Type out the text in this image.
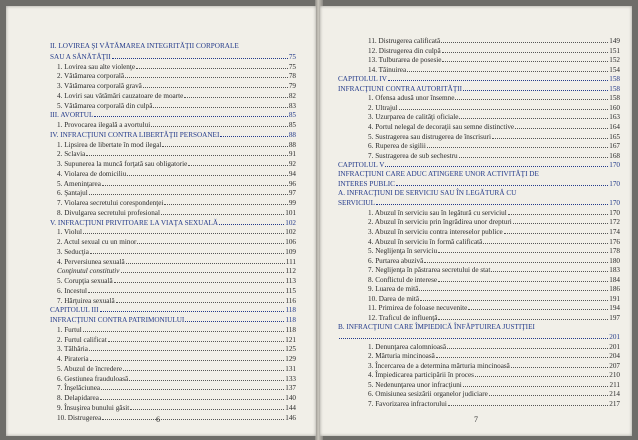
II. LOVIREA ŞI VĂTĂMAREA INTEGRITĂŢII CORPORALE
SAU A SĂNĂTĂŢII	75
1. Lovirea sau alte violenţe	75
2. Vătămarea corporală	78
3. Vătămarea corporală gravă	79
4. Loviri sau vătămări cauzatoare de moarte	82
5. Vătămarea corporală din culpă	83
III. AVORTUL	85
1. Provocarea ilegală a avortului	85
IV. INFRACŢIUNI CONTRA LIBERTĂŢII PERSOANEI	88
1. Lipsirea de libertate în mod ilegal	88
2. Sclavia	91
3. Supunerea la muncă forţată sau obligatorie	92
4. Violarea de domiciliu	94
5. Ameninţarea	96
6. Şantajul	97
7. Violarea secretului corespondenţei	99
8. Divulgarea secretului profesional	101
V. INFRACŢIUNI PRIVITOARE LA VIAŢA SEXUALĂ	102
1. Violul	102
2. Actul sexual cu un minor	106
3. Seducţia	109
4. Perversiunea sexuală	111
Conţinutul constitutiv	112
5. Corupţia sexuală	113
6. Incestul	115
7. Hărţuirea sexuală	116
CAPITOLUL III	118
INFRACŢIUNI CONTRA PATRIMONIULUI	118
1. Furtul	118
2. Furtul calificat	121
3. Tâlhăria	125
4. Pirateria	129
5. Abuzul de încredere	131
6. Gestiunea frauduloasă	133
7. Înşelăciunea	137
8. Delapidarea	140
9. Însuşirea bunului găsit	144
10. Distrugerea	146
6
11. Distrugerea calificată	149
12. Distrugerea din culpă	151
13. Tulburarea de posesie	152
14. Tăinuirea	154
CAPITOLUL IV	158
INFRACŢIUNI CONTRA AUTORITĂŢII	158
1. Ofensa adusă unor însemne	158
2. Ultrajul	160
3. Uzurparea de calităţi oficiale	163
4. Portul nelegal de decoraţii sau semne distinctive	164
5. Sustragerea sau distrugerea de înscrisuri	165
6. Ruperea de sigilii	167
7. Sustragerea de sub sechestru	168
CAPITOLUL V	170
INFRACŢIUNI CARE ADUC ATINGERE UNOR ACTIVITĂŢI DE
INTERES PUBLIC	170
A. INFRACŢIUNI DE SERVICIU SAU ÎN LEGĂTURĂ CU
SERVICIUL	170
1. Abuzul în serviciu sau în legătură cu serviciul	170
2. Abuzul în serviciu prin îngrădirea unor drepturi	172
3. Abuzul în serviciu contra intereselor publice	174
4. Abuzul în serviciu în formă calificată	176
5. Neglijenţa în serviciu	178
6. Purtarea abuzivă	180
7. Neglijenţa în păstrarea secretului de stat	183
8. Conflictul de interese	184
9. Luarea de mită	186
10. Darea de mită	191
11. Primirea de foloase necuvenite	194
12. Traficul de influenţă	197
B. INFRACŢIUNI CARE ÎMPIEDICĂ ÎNFĂPTUIREA JUSTIŢIEI
201
1. Denunţarea calomnioasă	201
2. Mărturia mincinoasă	204
3. Încercarea de a determina mărturia mincinoasă	207
4. Împiedicarea participării în proces	210
5. Nedenunţarea unor infracţiuni	211
6. Omisiunea sesizării organelor judiciare	214
7. Favorizarea infractorului	217
7
